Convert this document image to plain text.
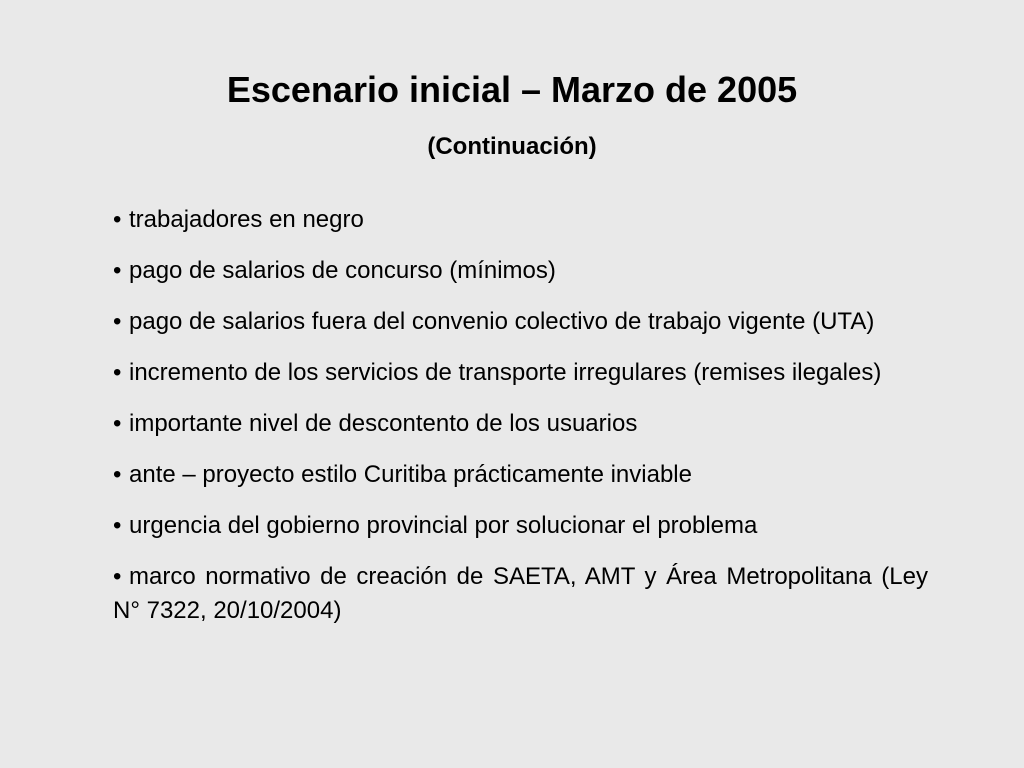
Escenario inicial – Marzo de 2005
(Continuación)
• trabajadores en negro
• pago de salarios de concurso (mínimos)
• pago de salarios fuera del convenio colectivo de trabajo vigente (UTA)
• incremento de los servicios de transporte irregulares (remises ilegales)
• importante nivel de descontento de los usuarios
• ante – proyecto estilo Curitiba prácticamente inviable
• urgencia del gobierno provincial por solucionar el problema
• marco normativo de creación de SAETA, AMT y Área Metropolitana (Ley N° 7322, 20/10/2004)
